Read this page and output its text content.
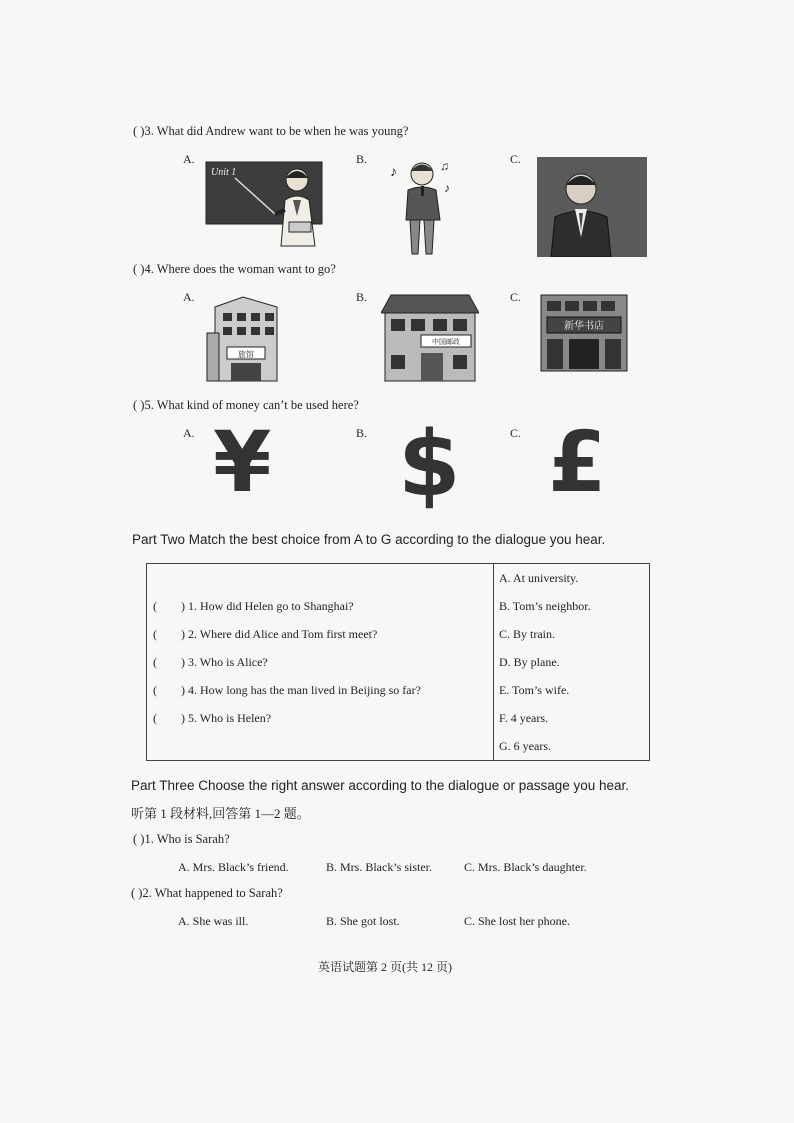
( )3. What did Andrew want to be when he was young?
A.	B.	C.
Unit 1	♪	♫
♪
( )4. Where does the woman want to go?
A.	B.	C.
旅馆
中国邮政
新华书店
( )5. What kind of money can’t be used here?
A.	B.	C.
¥ $ £
Part Two Match the best choice from A to G according to the dialogue you hear.
	A. At university.
( ) 1. How did Helen go to Shanghai?	B. Tom’s neighbor.
( ) 2. Where did Alice and Tom first meet?	C. By train.
( ) 3. Who is Alice?	D. By plane.
( ) 4. How long has the man lived in Beijing so far?	E. Tom’s wife.
( ) 5. Who is Helen?	F. 4 years.
	G. 6 years.
Part Three Choose the right answer according to the dialogue or passage you hear.
听第 1 段材料,回答第 1—2 题。
( )1. Who is Sarah?
A. Mrs. Black’s friend.	B. Mrs. Black’s sister.	C. Mrs. Black’s daughter.
( )2. What happened to Sarah?
A. She was ill.	B. She got lost.	C. She lost her phone.
英语试题第 2 页(共 12 页)
